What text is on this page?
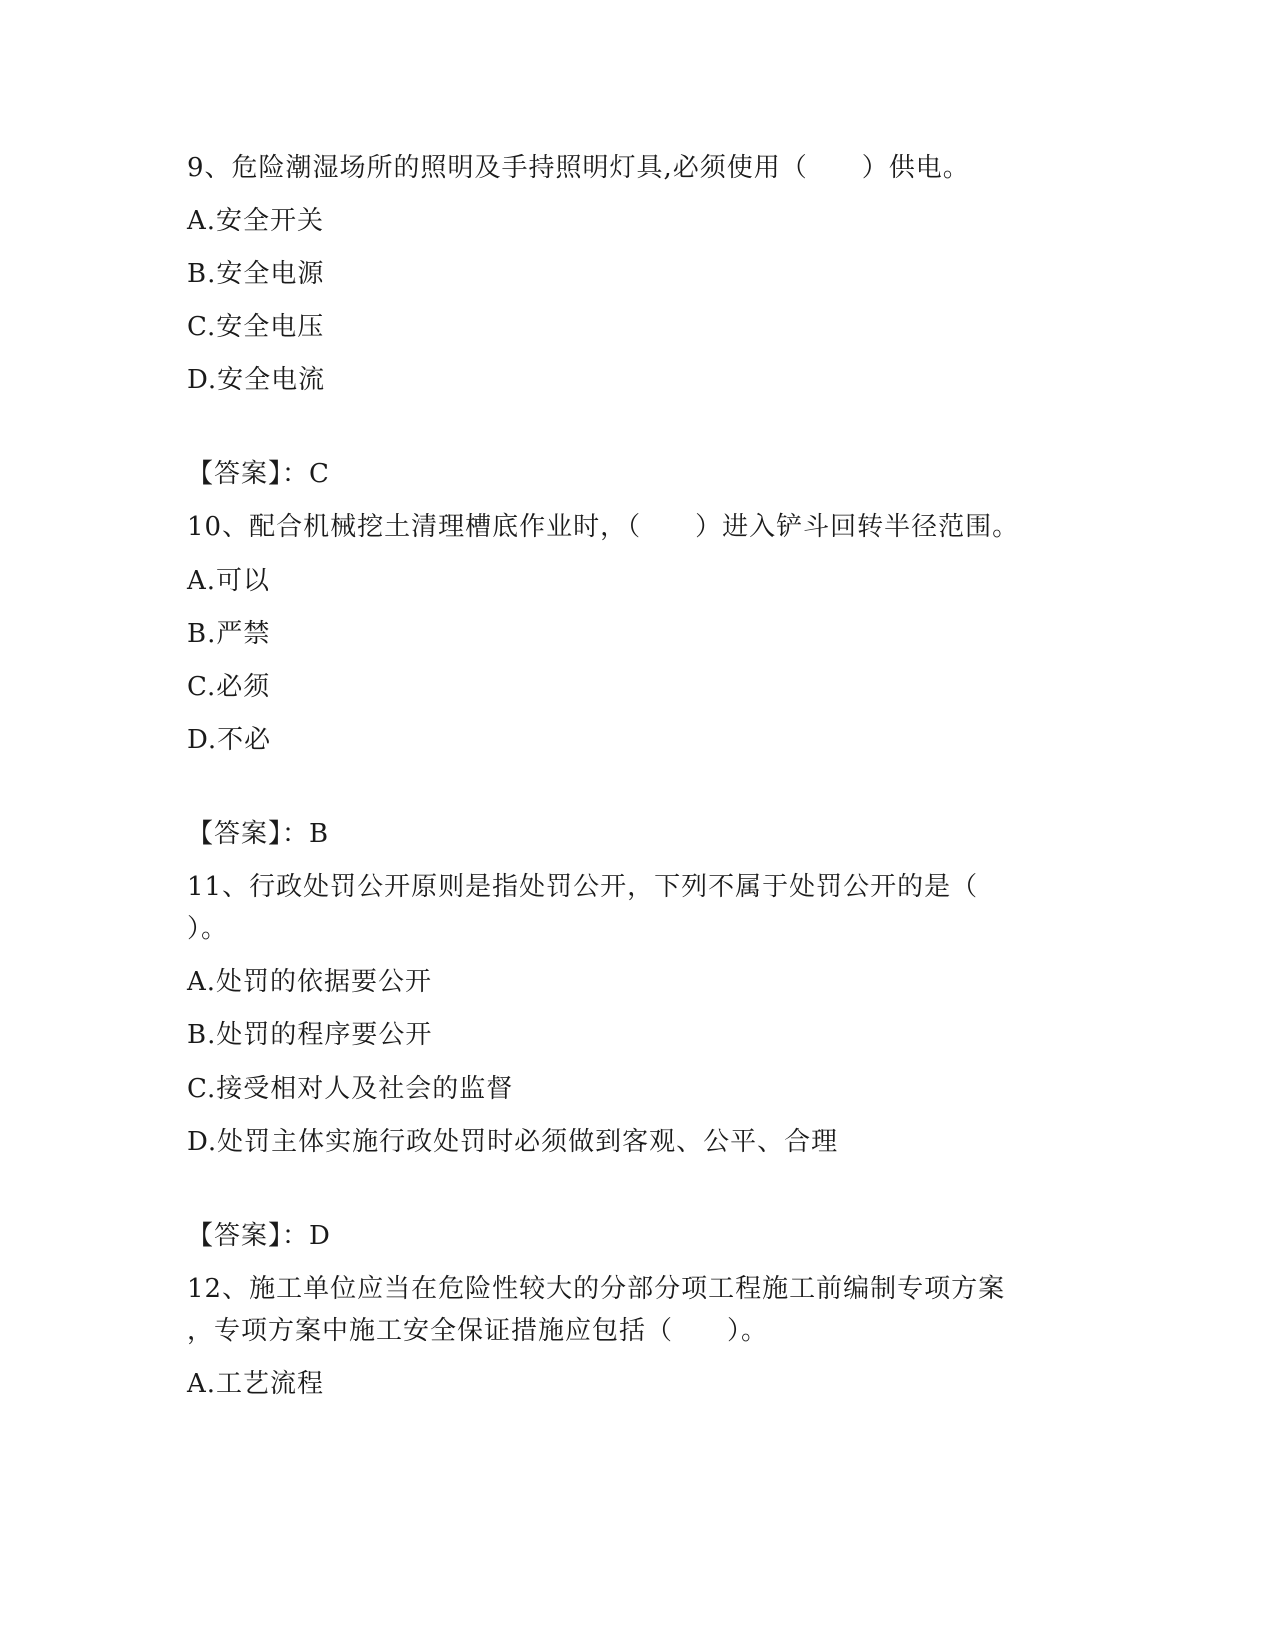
9、危险潮湿场所的照明及手持照明灯具,必须使用（　　）供电。
A.安全开关
B.安全电源
C.安全电压
D.安全电流
【答案】：C
10、配合机械挖土清理槽底作业时，（　　）进入铲斗回转半径范围。
A.可以
B.严禁
C.必须
D.不必
【答案】：B
11、行政处罚公开原则是指处罚公开，下列不属于处罚公开的是（
）。
A.处罚的依据要公开
B.处罚的程序要公开
C.接受相对人及社会的监督
D.处罚主体实施行政处罚时必须做到客观、公平、合理
【答案】：D
12、施工单位应当在危险性较大的分部分项工程施工前编制专项方案
，专项方案中施工安全保证措施应包括（　　）。
A.工艺流程
